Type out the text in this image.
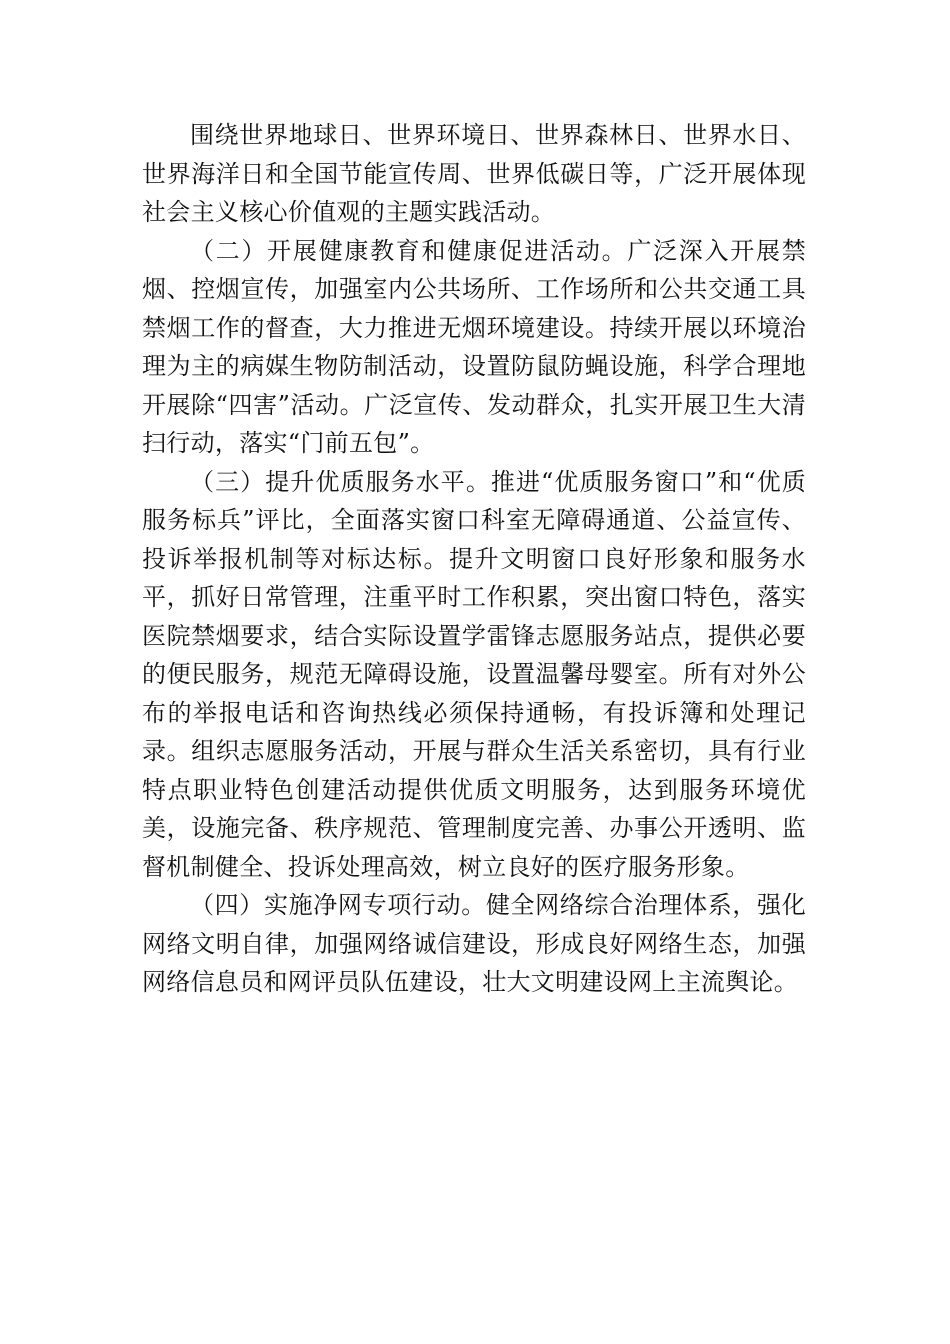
围绕世界地球日、世界环境日、世界森林日、世界水日、世界海洋日和全国节能宣传周、世界低碳日等，广泛开展体现社会主义核心价值观的主题实践活动。

（二）开展健康教育和健康促进活动。广泛深入开展禁烟、控烟宣传，加强室内公共场所、工作场所和公共交通工具禁烟工作的督查，大力推进无烟环境建设。持续开展以环境治理为主的病媒生物防制活动，设置防鼠防蝇设施，科学合理地开展除“四害”活动。广泛宣传、发动群众，扎实开展卫生大清扫行动，落实“门前五包”。

（三）提升优质服务水平。推进“优质服务窗口”和“优质服务标兵”评比，全面落实窗口科室无障碍通道、公益宣传、投诉举报机制等对标达标。提升文明窗口良好形象和服务水平，抓好日常管理，注重平时工作积累，突出窗口特色，落实医院禁烟要求，结合实际设置学雷锋志愿服务站点，提供必要的便民服务，规范无障碍设施，设置温馨母婴室。所有对外公布的举报电话和咨询热线必须保持通畅，有投诉簿和处理记录。组织志愿服务活动，开展与群众生活关系密切，具有行业特点职业特色创建活动提供优质文明服务，达到服务环境优美，设施完备、秩序规范、管理制度完善、办事公开透明、监督机制健全、投诉处理高效，树立良好的医疗服务形象。

（四）实施净网专项行动。健全网络综合治理体系，强化网络文明自律，加强网络诚信建设，形成良好网络生态，加强网络信息员和网评员队伍建设，壮大文明建设网上主流舆论。
